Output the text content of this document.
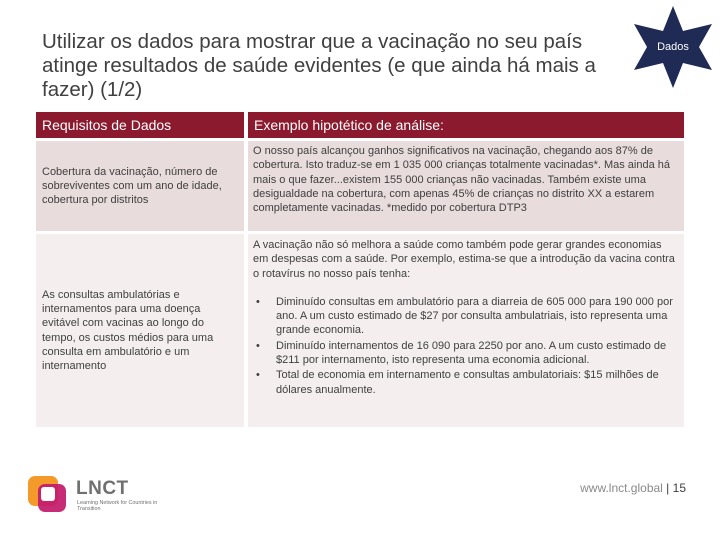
Utilizar os dados para mostrar que a vacinação no seu país atinge resultados de saúde evidentes (e que ainda há mais a fazer) (1/2)
Dados
Requisitos de Dados	Exemplo hipotético de análise:
Cobertura da vacinação, número de sobreviventes com um ano de idade, cobertura por distritos
O nosso país alcançou ganhos significativos na vacinação, chegando aos 87% de cobertura. Isto traduz-se em 1 035 000 crianças totalmente vacinadas*. Mas ainda há mais o que fazer...existem 155 000 crianças não vacinadas. Também existe uma desigualdade na cobertura, com apenas 45% de crianças no distrito XX a estarem completamente vacinadas. *medido por cobertura DTP3
As consultas ambulatórias e internamentos para uma doença evitável com vacinas ao longo do tempo, os custos médios para uma consulta em ambulatório e um internamento
A vacinação não só melhora a saúde como também pode gerar grandes economias em despesas com a saúde. Por exemplo, estima-se que a introdução da vacina contra o rotavírus no nosso país tenha:
• Diminuído consultas em ambulatório para a diarreia de 605 000 para 190 000 por ano. A um custo estimado de $27 por consulta ambulatriais, isto representa uma grande economia.
• Diminuído internamentos de 16 090 para 2250 por ano. A um custo estimado de $211 por internamento, isto representa uma economia adicional.
• Total de economia em internamento e consultas ambulatoriais: $15 milhões de dólares anualmente.
LNCT
Learning Network for Countries in Transition
www.lnct.global | 15
